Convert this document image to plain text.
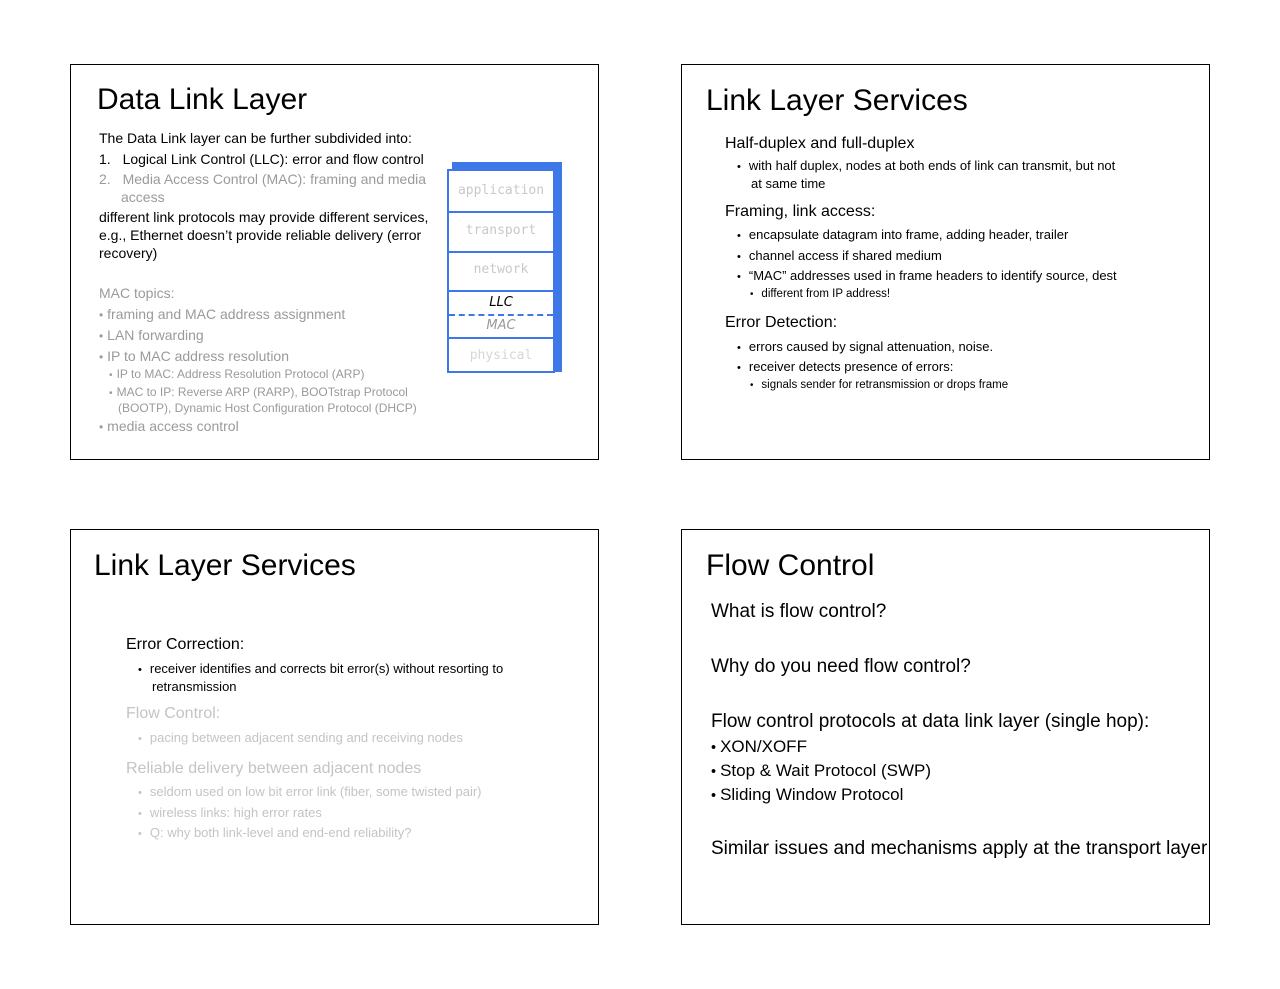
Data Link Layer
The Data Link layer can be further subdivided into:
1. Logical Link Control (LLC): error and flow control
2. Media Access Control (MAC): framing and media
access
different link protocols may provide different services,
e.g., Ethernet doesn’t provide reliable delivery (error
recovery)
MAC topics:
• framing and MAC address assignment
• LAN forwarding
• IP to MAC address resolution
• IP to MAC: Address Resolution Protocol (ARP)
• MAC to IP: Reverse ARP (RARP), BOOTstrap Protocol
(BOOTP), Dynamic Host Configuration Protocol (DHCP)
• media access control
application
transport
network
LLC
MAC
physical
Link Layer Services
Half-duplex and full-duplex
• with half duplex, nodes at both ends of link can transmit, but not
at same time
Framing, link access:
• encapsulate datagram into frame, adding header, trailer
• channel access if shared medium
• “MAC” addresses used in frame headers to identify source, dest
• different from IP address!
Error Detection:
• errors caused by signal attenuation, noise.
• receiver detects presence of errors:
• signals sender for retransmission or drops frame
Link Layer Services
Error Correction:
• receiver identifies and corrects bit error(s) without resorting to
retransmission
Flow Control:
• pacing between adjacent sending and receiving nodes
Reliable delivery between adjacent nodes
• seldom used on low bit error link (fiber, some twisted pair)
• wireless links: high error rates
• Q: why both link-level and end-end reliability?
Flow Control
What is flow control?
Why do you need flow control?
Flow control protocols at data link layer (single hop):
• XON/XOFF
• Stop & Wait Protocol (SWP)
• Sliding Window Protocol
Similar issues and mechanisms apply at the transport layer
